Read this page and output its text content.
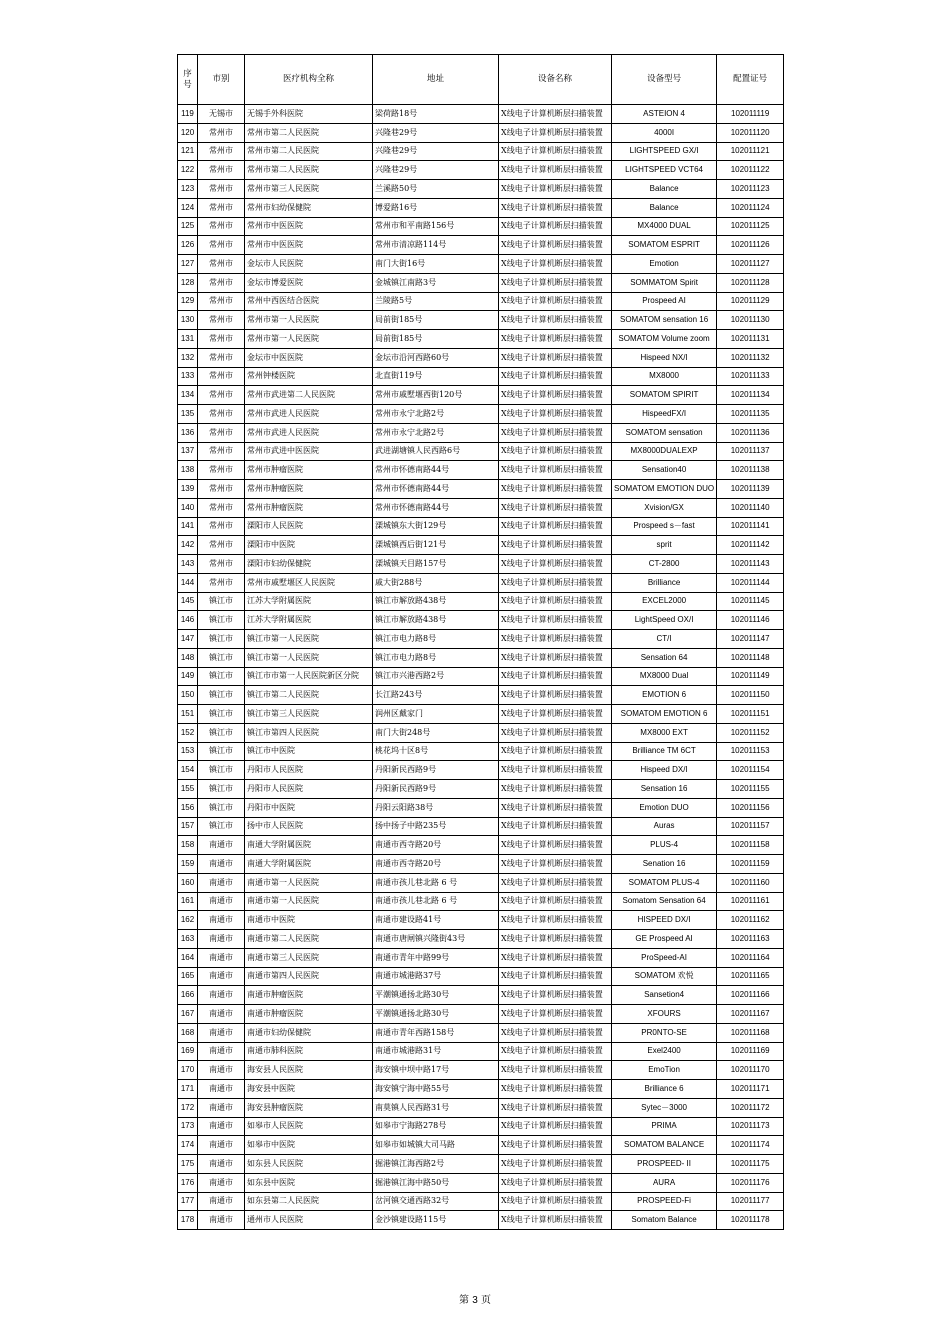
序号	市别	医疗机构全称	地址	设备名称	设备型号	配置证号
119	无锡市	无锡手外科医院	梁荷路18号	X线电子计算机断层扫描装置	ASTEION 4	102011119
120	常州市	常州市第二人民医院	兴隆巷29号	X线电子计算机断层扫描装置	4000I	102011120
121	常州市	常州市第二人民医院	兴隆巷29号	X线电子计算机断层扫描装置	LIGHTSPEED GX/I	102011121
122	常州市	常州市第二人民医院	兴隆巷29号	X线电子计算机断层扫描装置	LIGHTSPEED VCT64	102011122
123	常州市	常州市第三人民医院	兰溪路50号	X线电子计算机断层扫描装置	Balance	102011123
124	常州市	常州市妇幼保健院	博爱路16号	X线电子计算机断层扫描装置	Balance	102011124
125	常州市	常州市中医医院	常州市和平南路156号	X线电子计算机断层扫描装置	MX4000 DUAL	102011125
126	常州市	常州市中医医院	常州市清凉路114号	X线电子计算机断层扫描装置	SOMATOM ESPRIT	102011126
127	常州市	金坛市人民医院	南门大街16号	X线电子计算机断层扫描装置	Emotion	102011127
128	常州市	金坛市博爱医院	金城镇江南路3号	X线电子计算机断层扫描装置	SOMMATOM Spirit	102011128
129	常州市	常州中西医结合医院	兰陵路5号	X线电子计算机断层扫描装置	Prospeed AI	102011129
130	常州市	常州市第一人民医院	局前街185号	X线电子计算机断层扫描装置	SOMATOM sensation 16	102011130
131	常州市	常州市第一人民医院	局前街185号	X线电子计算机断层扫描装置	SOMATOM Volume zoom	102011131
132	常州市	金坛市中医医院	金坛市沿河西路60号	X线电子计算机断层扫描装置	Hispeed NX/I	102011132
133	常州市	常州钟楼医院	北直街119号	X线电子计算机断层扫描装置	MX8000	102011133
134	常州市	常州市武进第二人民医院	常州市戚墅堰西街120号	X线电子计算机断层扫描装置	SOMATOM SPIRIT	102011134
135	常州市	常州市武进人民医院	常州市永宁北路2号	X线电子计算机断层扫描装置	HispeedFX/I	102011135
136	常州市	常州市武进人民医院	常州市永宁北路2号	X线电子计算机断层扫描装置	SOMATOM sensation	102011136
137	常州市	常州市武进中医医院	武进湖塘镇人民西路6号	X线电子计算机断层扫描装置	MX8000DUALEXP	102011137
138	常州市	常州市肿瘤医院	常州市怀德南路44号	X线电子计算机断层扫描装置	Sensation40	102011138
139	常州市	常州市肿瘤医院	常州市怀德南路44号	X线电子计算机断层扫描装置	SOMATOM EMOTION DUO	102011139
140	常州市	常州市肿瘤医院	常州市怀德南路44号	X线电子计算机断层扫描装置	Xvision/GX	102011140
141	常州市	溧阳市人民医院	溧城镇东大街129号	X线电子计算机断层扫描装置	Prospeed s－fast	102011141
142	常州市	溧阳市中医院	溧城镇西后街121号	X线电子计算机断层扫描装置	sprit	102011142
143	常州市	溧阳市妇幼保健院	溧城镇天目路157号	X线电子计算机断层扫描装置	CT-2800	102011143
144	常州市	常州市戚墅堰区人民医院	戚大街288号	X线电子计算机断层扫描装置	Brilliance	102011144
145	镇江市	江苏大学附属医院	镇江市解放路438号	X线电子计算机断层扫描装置	EXCEL2000	102011145
146	镇江市	江苏大学附属医院	镇江市解放路438号	X线电子计算机断层扫描装置	LightSpeed OX/I	102011146
147	镇江市	镇江市第一人民医院	镇江市电力路8号	X线电子计算机断层扫描装置	CT/I	102011147
148	镇江市	镇江市第一人民医院	镇江市电力路8号	X线电子计算机断层扫描装置	Sensation 64	102011148
149	镇江市	镇江市市第一人民医院新区分院	镇江市兴港西路2号	X线电子计算机断层扫描装置	MX8000 Dual	102011149
150	镇江市	镇江市第二人民医院	长江路243号	X线电子计算机断层扫描装置	EMOTION 6	102011150
151	镇江市	镇江市第三人民医院	润州区戴家门	X线电子计算机断层扫描装置	SOMATOM EMOTION 6	102011151
152	镇江市	镇江市第四人民医院	南门大街248号	X线电子计算机断层扫描装置	MX8000 EXT	102011152
153	镇江市	镇江市中医院	桃花坞十区8号	X线电子计算机断层扫描装置	Brilliance TM 6CT	102011153
154	镇江市	丹阳市人民医院	丹阳新民西路9号	X线电子计算机断层扫描装置	Hispeed DX/I	102011154
155	镇江市	丹阳市人民医院	丹阳新民西路9号	X线电子计算机断层扫描装置	Sensation 16	102011155
156	镇江市	丹阳市中医院	丹阳云阳路38号	X线电子计算机断层扫描装置	Emotion DUO	102011156
157	镇江市	扬中市人民医院	扬中扬子中路235号	X线电子计算机断层扫描装置	Auras	102011157
158	南通市	南通大学附属医院	南通市西寺路20号	X线电子计算机断层扫描装置	PLUS-4	102011158
159	南通市	南通大学附属医院	南通市西寺路20号	X线电子计算机断层扫描装置	Senation 16	102011159
160	南通市	南通市第一人民医院	南通市孩儿巷北路 6 号	X线电子计算机断层扫描装置	SOMATOM PLUS-4	102011160
161	南通市	南通市第一人民医院	南通市孩儿巷北路 6 号	X线电子计算机断层扫描装置	Somatom Sensation 64	102011161
162	南通市	南通市中医院	南通市建设路41号	X线电子计算机断层扫描装置	HISPEED DX/I	102011162
163	南通市	南通市第二人民医院	南通市唐闸镇兴隆街43号	X线电子计算机断层扫描装置	GE Prospeed AI	102011163
164	南通市	南通市第三人民医院	南通市青年中路99号	X线电子计算机断层扫描装置	ProSpeed-AI	102011164
165	南通市	南通市第四人民医院	南通市城港路37号	X线电子计算机断层扫描装置	SOMATOM 欢悦	102011165
166	南通市	南通市肿瘤医院	平潮镇通扬北路30号	X线电子计算机断层扫描装置	Sansetion4	102011166
167	南通市	南通市肿瘤医院	平潮镇通扬北路30号	X线电子计算机断层扫描装置	XFOURS	102011167
168	南通市	南通市妇幼保健院	南通市青年西路158号	X线电子计算机断层扫描装置	PR0NTO-SE	102011168
169	南通市	南通市肺科医院	南通市城港路31号	X线电子计算机断层扫描装置	Exel2400	102011169
170	南通市	海安县人民医院	海安镇中坝中路17号	X线电子计算机断层扫描装置	EmoTion	102011170
171	南通市	海安县中医院	海安镇宁海中路55号	X线电子计算机断层扫描装置	Brilliance 6	102011171
172	南通市	海安县肿瘤医院	南莫镇人民西路31号	X线电子计算机断层扫描装置	Sytec－3000	102011172
173	南通市	如皋市人民医院	如皋市宁海路278号	X线电子计算机断层扫描装置	PRIMA	102011173
174	南通市	如皋市中医院	如皋市如城镇大司马路	X线电子计算机断层扫描装置	SOMATOM BALANCE	102011174
175	南通市	如东县人民医院	掘港镇江海西路2号	X线电子计算机断层扫描装置	PROSPEED- II	102011175
176	南通市	如东县中医院	掘港镇江海中路50号	X线电子计算机断层扫描装置	AURA	102011176
177	南通市	如东县第二人民医院	岔河镇交通西路32号	X线电子计算机断层扫描装置	PROSPEED-Fi	102011177
178	南通市	通州市人民医院	金沙镇建设路115号	X线电子计算机断层扫描装置	Somatom Balance	102011178
第 3 页
